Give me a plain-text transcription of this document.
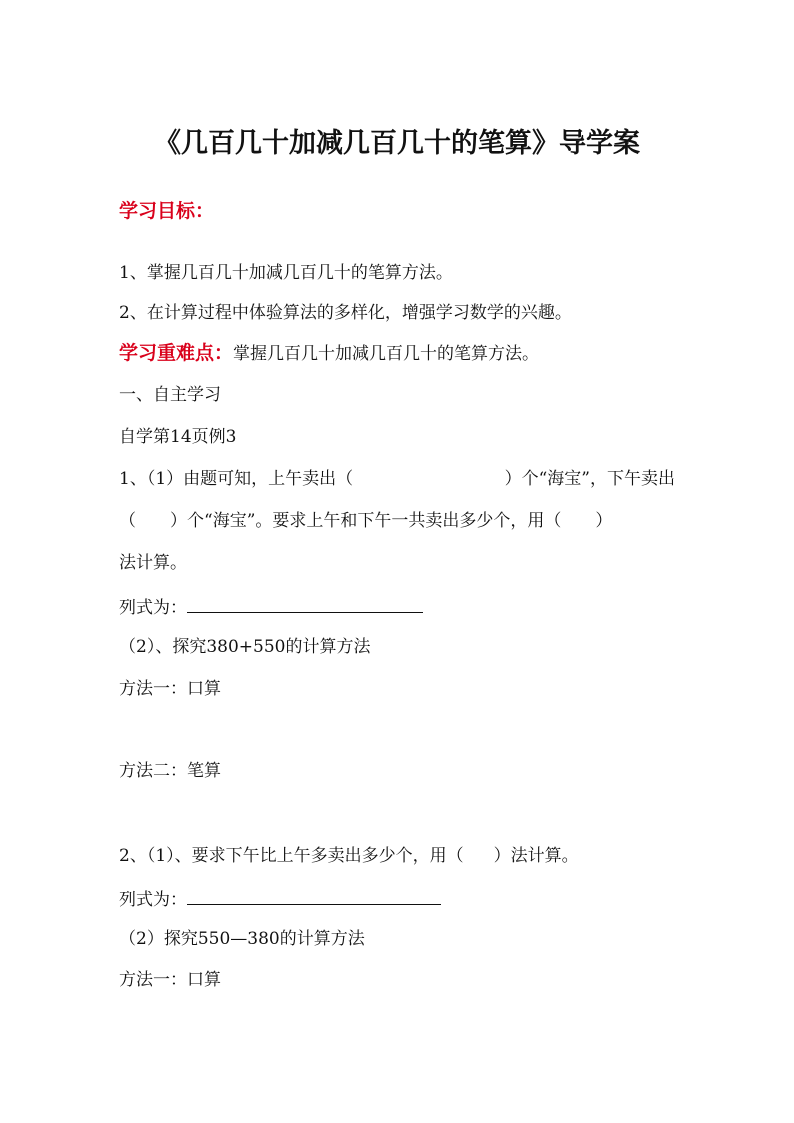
《几百几十加减几百几十的笔算》导学案
学习目标：
1、掌握几百几十加减几百几十的笔算方法。
2、在计算过程中体验算法的多样化，增强学习数学的兴趣。
学习重难点：掌握几百几十加减几百几十的笔算方法。
一、自主学习
自学第14页例3
1、（1）由题可知，上午卖出（	）个“海宝”，下午卖出
（ ）个“海宝”。要求上午和下午一共卖出多少个，用（ ）
法计算。
列式为：
（2）、探究380+550的计算方法
方法一：口算
方法二：笔算
2、（1）、要求下午比上午多卖出多少个，用（ ）法计算。
列式为：
（2）探究550—380的计算方法
方法一：口算
